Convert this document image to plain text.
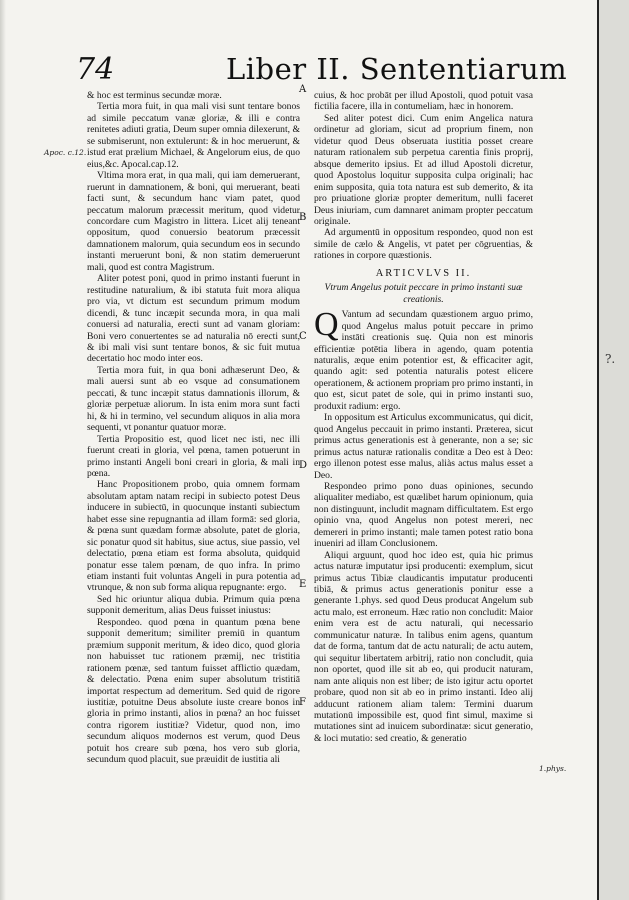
?.
74	Liber II. Sententiarum
Apoc. c.12.
1.phys.
A
B
C
D
E
F

& hoc est terminus secundæ moræ.

Tertia mora fuit, in qua mali visi sunt tentare bonos ad simile peccatum vanæ gloriæ, & illi e contra renitetes adiuti gratia, Deum super omnia dilexerunt, & se submiserunt, non extulerunt: & in hoc meruerunt, & istud erat prælium Michael, & Angelorum eius, de quo eius,&c. Apocal.cap.12.

Vltima mora erat, in qua mali, qui iam demeruerant, ruerunt in damnationem, & boni, qui meruerant, beati facti sunt, & secundum hanc viam patet, quod peccatum malorum præcessit meritum, quod videtur concordare cum Magistro in littera. Licet alij teneant oppositum, quod conuersio beatorum præcessit damnationem malorum, quia secundum eos in secundo instanti meruerunt boni, & non statim demeruerunt mali, quod est contra Magistrum.

Aliter potest poni, quod in primo instanti fuerunt in restitudine naturalium, & ibi statuta fuit mora aliqua pro via, vt dictum est secundum primum modum dicendi, & tunc incæpit secunda mora, in qua mali conuersi ad naturalia, erecti sunt ad vanam gloriam: Boni vero conuertentes se ad naturalia nō erecti sunt, & ibi mali visi sunt tentare bonos, & sic fuit mutua decertatio hoc modo inter eos.

Tertia mora fuit, in qua boni adhæserunt Deo, & mali auersi sunt ab eo vsque ad consumationem peccati, & tunc incæpit status damnationis illorum, & gloriæ perpetuæ aliorum. In ista enim mora sunt facti hi, & hi in termino, vel secundum aliquos in alia mora sequenti, vt ponantur quatuor moræ.

Tertia Propositio est, quod licet nec isti, nec illi fuerunt creati in gloria, vel pœna, tamen potuerunt in primo instanti Angeli boni creari in gloria, & mali in pœna.

Hanc Propositionem probo, quia omnem formam absolutam aptam natam recipi in subiecto potest Deus inducere in subiectū, in quocunque instanti subiectum habet esse sine repugnantia ad illam formā: sed gloria, & pœna sunt quædam formæ absolute, patet de gloria, sic ponatur quod sit habitus, siue actus, siue passio, vel delectatio, pœna etiam est forma absoluta, quidquid ponatur esse talem pœnam, de quo infra. In primo etiam instanti fuit voluntas Angeli in pura potentia ad vtrunque, & non sub forma aliqua repugnante: ergo.

Sed hic oriuntur aliqua dubia. Primum quia pœna supponit demeritum, alias Deus fuisset iniustus:

Respondeo. quod pœna in quantum pœna bene supponit demeritum; similiter premiū in quantum præmium supponit meritum, & ideo dico, quod gloria non habuisset tuc rationem præmij, nec tristitia rationem pœnæ, sed tantum fuisset afflictio quædam, & delectatio. Pœna enim super absolutum tristitiā importat respectum ad demeritum. Sed quid de rigore iustitiæ, potuitne Deus absolute iuste creare bonos in gloria in primo instanti, alios in pœna? an hoc fuisset contra rigorem iustitiæ? Videtur, quod non, imo secundum aliquos modernos est verum, quod Deus potuit hos creare sub pœna, hos vero sub gloria, secundum quod placuit, sue præuidit de iustitia ali

cuius, & hoc probāt per illud Apostoli, quod potuit vasa fictilia facere, illa in contumeliam, hæc in honorem.

Sed aliter potest dici. Cum enim Angelica natura ordinetur ad gloriam, sicut ad proprium finem, non videtur quod Deus obseruata iustitia posset creare naturam rationalem sub perpetua carentia finis proprij, absque demerito ipsius. Et ad illud Apostoli dicretur, quod Apostolus loquitur supposita culpa originali; hac enim supposita, quia tota natura est sub demerito, & ita pro priuatione gloriæ propter demeritum, nulli faceret Deus iniuriam, cum damnaret animam propter peccatum originale.

Ad argumentū in oppositum respondeo, quod non est simile de cælo & Angelis, vt patet per cōgruentias, & rationes in corpore quæstionis.

ARTICVLVS II.
Vtrum Angelus potuit peccare in primo instanti suæ creationis.

Q Vantum ad secundam quæstionem arguo primo, quod Angelus malus potuit peccare in primo instāti creationis suę. Quia non est minoris efficientiæ potētia libera in agendo, quam potentia naturalis, æque enim potentior est, & efficaciter agit, quando agit: sed potentia naturalis potest elicere operationem, & actionem propriam pro primo instanti, in quo est, sicut patet de sole, qui in primo instanti suo, produxit radium: ergo.

In oppositum est Articulus excommunicatus, qui dicit, quod Angelus peccauit in primo instanti. Præterea, sicut primus actus generationis est à generante, non a se; sic primus actus naturæ rationalis conditæ a Deo est à Deo: ergo illenon potest esse malus, aliàs actus malus esset a Deo.

Respondeo primo pono duas opiniones, secundo aliqualiter mediabo, est quælibet harum opinionum, quia non distinguunt, includit magnam difficultatem. Est ergo opinio vna, quod Angelus non potest mereri, nec demereri in primo instanti; male tamen potest ratio bona inueniri ad illam Conclusionem.

Aliqui arguunt, quod hoc ideo est, quia hic primus actus naturæ imputatur ipsi producenti: exemplum, sicut primus actus Tibiæ claudicantis imputatur producenti tibiā, & primus actus generationis ponitur esse a generante 1.phys. sed quod Deus producat Angelum sub actu malo, est erroneum. Hæc ratio non concludit: Maior enim vera est de actu naturali, qui necessario communicatur naturæ. In talibus enim agens, quantum dat de forma, tantum dat de actu naturali; de actu autem, qui sequitur libertatem arbitrij, ratio non concludit, quia non oportet, quod ille sit ab eo, qui producit naturam, nam ante aliquis non est liber; de isto igitur actu oportet probare, quod non sit ab eo in primo instanti. Ideo alij adducunt rationem aliam talem: Termini duarum mutationū impossibile est, quod fint simul, maxime si mutationes sint ad inuicem subordinatæ: sicut generatio, & loci mutatio: sed creatio, & generatio
